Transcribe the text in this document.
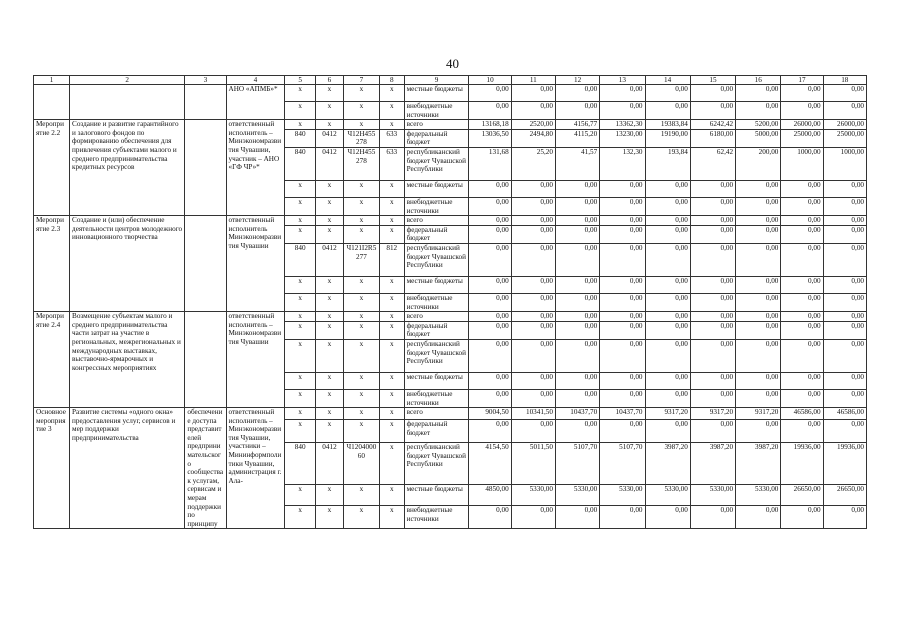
40
1	2	3	4	5	6	7	8	9	10	11	12	13	14	15	16	17	18
			АНО «АПМБ»*	x	x	x	x	местные бюджеты	0,00	0,00	0,00	0,00	0,00	0,00	0,00	0,00	0,00
				x	x	x	x	внебюджетные источники	0,00	0,00	0,00	0,00	0,00	0,00	0,00	0,00	0,00
Мероприятие 2.2	Создание и развитие гарантийного и залогового фондов по формированию обеспечения для привлечения субъектами малого и среднего предпринимательства кредитных ресурсов		ответственный исполнитель – Минэкономразвития Чувашии, участник – АНО «ГФ ЧР»*	x	x	x	x	всего	13168,18	2520,00	4156,77	13362,30	19383,84	6242,42	5200,00	26000,00	26000,00
				840	0412	Ч12Н455278	633	федеральный бюджет	13036,50	2494,80	4115,20	13230,00	19190,00	6180,00	5000,00	25000,00	25000,00
				840	0412	Ч12Н455278	633	республиканский бюджет Чувашской Республики	131,68	25,20	41,57	132,30	193,84	62,42	200,00	1000,00	1000,00
				x	x	x	x	местные бюджеты	0,00	0,00	0,00	0,00	0,00	0,00	0,00	0,00	0,00
				x	x	x	x	внебюджетные источники	0,00	0,00	0,00	0,00	0,00	0,00	0,00	0,00	0,00
Мероприятие 2.3	Создание и (или) обеспечение деятельности центров молодежного инновационного творчества		ответственный исполнитель Минэкономразвития Чувашии	x	x	x	x	всего	0,00	0,00	0,00	0,00	0,00	0,00	0,00	0,00	0,00
				x	x	x	x	федеральный бюджет	0,00	0,00	0,00	0,00	0,00	0,00	0,00	0,00	0,00
				840	0412	Ч121I2R5277	812	республиканский бюджет Чувашской Республики	0,00	0,00	0,00	0,00	0,00	0,00	0,00	0,00	0,00
				x	x	x	x	местные бюджеты	0,00	0,00	0,00	0,00	0,00	0,00	0,00	0,00	0,00
				x	x	x	x	внебюджетные источники	0,00	0,00	0,00	0,00	0,00	0,00	0,00	0,00	0,00
Мероприятие 2.4	Возмещение субъектам малого и среднего предпринимательства части затрат на участие в региональных, межрегиональных и международных выставках, выставочно-ярмарочных и конгрессных мероприятиях		ответственный исполнитель – Минэкономразвития Чувашии	x	x	x	x	всего	0,00	0,00	0,00	0,00	0,00	0,00	0,00	0,00	0,00
				x	x	x	x	федеральный бюджет	0,00	0,00	0,00	0,00	0,00	0,00	0,00	0,00	0,00
				x	x	x	x	республиканский бюджет Чувашской Республики	0,00	0,00	0,00	0,00	0,00	0,00	0,00	0,00	0,00
				x	x	x	x	местные бюджеты	0,00	0,00	0,00	0,00	0,00	0,00	0,00	0,00	0,00
				x	x	x	x	внебюджетные источники	0,00	0,00	0,00	0,00	0,00	0,00	0,00	0,00	0,00
Основное мероприятие 3	Развитие системы «одного окна» предоставления услуг, сервисов и мер поддержки предпринимательства	обеспечение доступа представителей предпринимательского сообщества к услугам, сервисам и мерам поддержки по принципу	ответственный исполнитель – Минэкономразвития Чувашии, участники – Мининформполитики Чувашии, администрация г. Ала-	x	x	x	x	всего	9004,50	10341,50	10437,70	10437,70	9317,20	9317,20	9317,20	46586,00	46586,00
				x	x	x	x	федеральный бюджет	0,00	0,00	0,00	0,00	0,00	0,00	0,00	0,00	0,00
				840	0412	Ч120400060	x	республиканский бюджет Чувашской Республики	4154,50	5011,50	5107,70	5107,70	3987,20	3987,20	3987,20	19936,00	19936,00
				x	x	x	x	местные бюджеты	4850,00	5330,00	5330,00	5330,00	5330,00	5330,00	5330,00	26650,00	26650,00
				x	x	x	x	внебюджетные источники	0,00	0,00	0,00	0,00	0,00	0,00	0,00	0,00	0,00
